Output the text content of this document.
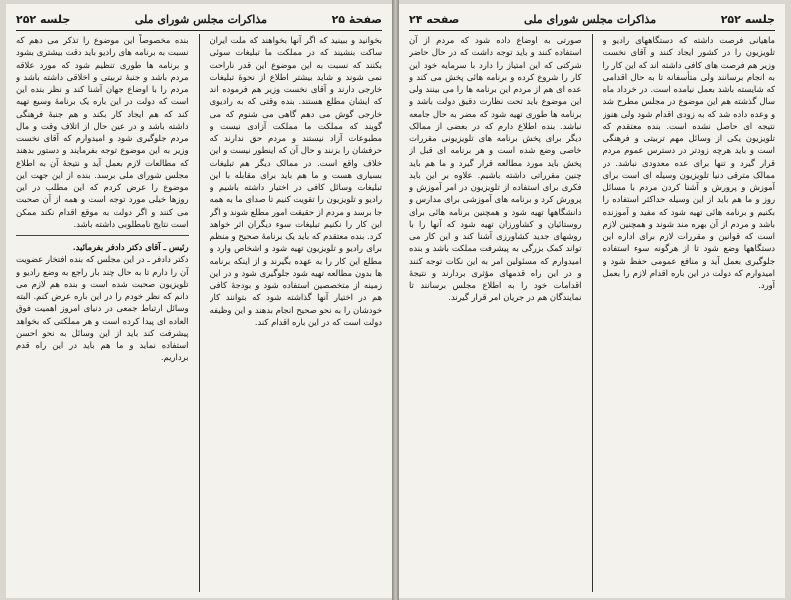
صفحهٔ ۲۵
مذاکرات مجلس شورای ملی
جلسه ۲۵۲

بخوانید و ببینید که اگر آنها بخواهند که ملت ایران ساکت بنشیند که در مملکت ما تبلیغات سوئی بکنند که نسبت به این موضوع این قدر ناراحت نمی شوند و شاید بیشتر اطلاع از نحوهٔ تبلیغات خارجی دارند و آقای نخست وزیر هم فرموده اند که ایشان مطلع هستند. بنده وقتی که به رادیوی خارجی گوش می دهم گاهی می شنوم که می گویند که مملکت ما مملکت آزادی نیست و مطبوعات آزاد نیستند و مردم حق ندارند که حرفشان را بزنند و حال آن که اینطور نیست و این خلاف واقع است. در ممالک دیگر هم تبلیغات بسیاری هست و ما هم باید برای مقابله با این تبلیغات وسائل کافی در اختیار داشته باشیم و رادیو و تلویزیون را تقویت کنیم تا صدای ما به همه جا برسد و مردم از حقیقت امور مطلع شوند و اگر این کار را نکنیم تبلیغات سوء دیگران اثر خواهد کرد. بنده معتقدم که باید یک برنامهٔ صحیح و منظم برای رادیو و تلویزیون تهیه شود و اشخاص وارد و مطلع این کار را به عهده بگیرند و از اینکه برنامه ها بدون مطالعه تهیه شود جلوگیری شود و در این زمینه از متخصصین استفاده شود و بودجهٔ کافی هم در اختیار آنها گذاشته شود که بتوانند کار خودشان را به نحو صحیح انجام بدهند و این وظیفه دولت است که در این باره اقدام کند.

بنده مخصوصاً این موضوع را تذکر می دهم که نسبت به برنامه های رادیو باید دقت بیشتری بشود و برنامه ها طوری تنظیم شود که مورد علاقه مردم باشد و جنبهٔ تربیتی و اخلاقی داشته باشد و مردم را با اوضاع جهان آشنا کند و نظر بنده این است که دولت در این باره یک برنامهٔ وسیع تهیه کند که هم ایجاد کار بکند و هم جنبهٔ فرهنگی داشته باشد و در عین حال از اتلاف وقت و مال مردم جلوگیری شود و امیدوارم که آقای نخست وزیر به این موضوع توجه بفرمایند و دستور بدهند که مطالعات لازم بعمل آید و نتیجهٔ آن به اطلاع مجلس شورای ملی برسد. بنده از این جهت این موضوع را عرض کردم که این مطلب در این روزها خیلی مورد توجه است و همه از آن صحبت می کنند و اگر دولت به موقع اقدام نکند ممکن است نتایج نامطلوبی داشته باشد.

رئیس ـ آقای دکتر دادفر بفرمائید.

دکتر دادفر ـ در این مجلس که بنده افتخار عضویت آن را دارم تا به حال چند بار راجع به وضع رادیو و تلویزیون صحبت شده است و بنده هم لازم می دانم که نظر خودم را در این باره عرض کنم. البته وسائل ارتباط جمعی در دنیای امروز اهمیت فوق العاده ای پیدا کرده است و هر مملکتی که بخواهد پیشرفت کند باید از این وسائل به نحو احسن استفاده نماید و ما هم باید در این راه قدم برداریم.

جلسه ۲۵۲
مذاکرات مجلس شورای ملی
صفحه ۲۴

ماهیانی فرصت داشته که دستگاههای رادیو و تلویزیون را در کشور ایجاد کنند و آقای نخست وزیر هم فرصت های کافی داشته اند که این کار را به انجام برسانند ولی متأسفانه تا به حال اقدامی که شایسته باشد بعمل نیامده است. در خرداد ماه سال گذشته هم این موضوع در مجلس مطرح شد و وعده داده شد که به زودی اقدام شود ولی هنوز نتیجه ای حاصل نشده است. بنده معتقدم که تلویزیون یکی از وسائل مهم تربیتی و فرهنگی است و باید هرچه زودتر در دسترس عموم مردم قرار گیرد و تنها برای عده معدودی نباشد. در ممالک مترقی دنیا تلویزیون وسیله ای است برای آموزش و پرورش و آشنا کردن مردم با مسائل روز و ما هم باید از این وسیله حداکثر استفاده را بکنیم و برنامه هائی تهیه شود که مفید و آموزنده باشد و مردم از آن بهره مند شوند و همچنین لازم است که قوانین و مقررات لازم برای اداره این دستگاهها وضع شود تا از هرگونه سوء استفاده جلوگیری بعمل آید و منافع عمومی حفظ شود و امیدوارم که دولت در این باره اقدام لازم را بعمل آورد.

صورتی به اوضاع داده شود که مردم از آن استفاده کنند و باید توجه داشت که در حال حاضر شرکتی که این امتیاز را دارد با سرمایه خود این کار را شروع کرده و برنامه هائی پخش می کند و عده ای هم از مردم این برنامه ها را می بینند ولی این موضوع باید تحت نظارت دقیق دولت باشد و برنامه ها طوری تهیه شود که مضر به حال جامعه نباشد. بنده اطلاع دارم که در بعضی از ممالک دیگر برای پخش برنامه های تلویزیونی مقررات خاصی وضع شده است و هر برنامه ای قبل از پخش باید مورد مطالعه قرار گیرد و ما هم باید چنین مقرراتی داشته باشیم. علاوه بر این باید فکری برای استفاده از تلویزیون در امر آموزش و پرورش کرد و برنامه های آموزشی برای مدارس و دانشگاهها تهیه شود و همچنین برنامه هائی برای روستائیان و کشاورزان تهیه شود که آنها را با روشهای جدید کشاورزی آشنا کند و این کار می تواند کمک بزرگی به پیشرفت مملکت باشد و بنده امیدوارم که مسئولین امر به این نکات توجه کنند و در این راه قدمهای مؤثری بردارند و نتیجهٔ اقدامات خود را به اطلاع مجلس برسانند تا نمایندگان هم در جریان امر قرار گیرند.
